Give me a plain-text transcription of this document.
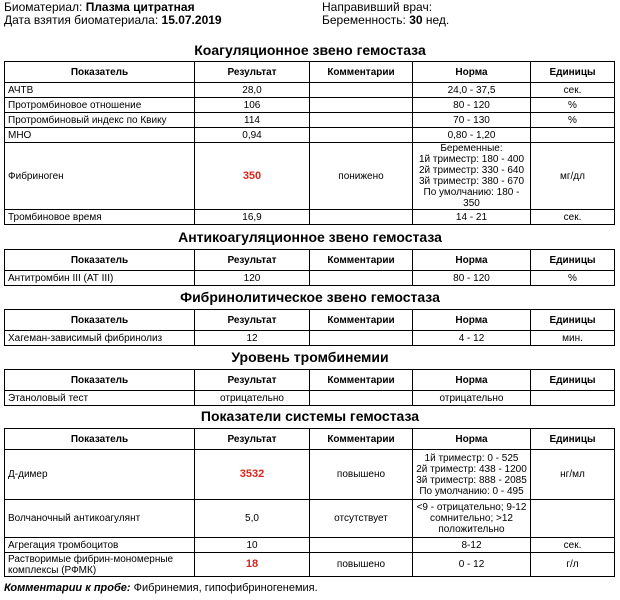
Биоматериал: Плазма цитратная
Дата взятия биоматериала: 15.07.2019
Направивший врач:
Беременность: 30 нед.
Коагуляционное звено гемостаза
Показатель	Результат	Комментарии	Норма	Единицы
АЧТВ	28,0		24,0 - 37,5	сек.
Протромбиновое отношение	106		80 - 120	%
Протромбиновый индекс по Квику	114		70 - 130	%
МНО	0,94		0,80 - 1,20	
Фибриноген	350	понижено	Беременные:
1й триместр: 180 - 400
2й триместр: 330 - 640
3й триместр: 380 - 670
По умолчанию: 180 - 350	мг/дл
Тромбиновое время	16,9		14 - 21	сек.
Антикоагуляционное звено гемостаза
Показатель	Результат	Комментарии	Норма	Единицы
Антитромбин III (АТ III)	120		80 - 120	%
Фибринолитическое звено гемостаза
Показатель	Результат	Комментарии	Норма	Единицы
Хагеман-зависимый фибринолиз	12		4 - 12	мин.
Уровень тромбинемии
Показатель	Результат	Комментарии	Норма	Единицы
Этаноловый тест	отрицательно		отрицательно	
Показатели системы гемостаза
Показатель	Результат	Комментарии	Норма	Единицы
Д-димер	3532	повышено	1й триместр: 0 - 525
2й триместр: 438 - 1200
3й триместр: 888 - 2085
По умолчанию: 0 - 495	нг/мл
Волчаночный антикоагулянт	5,0	отсутствует	<9 - отрицательно; 9-12
сомнительно; >12
положительно	

Агрегация тромбоцитов	10		8-12	сек.

Растворимые фибрин-мономерные
комплексы (РФМК)	18	повышено	0 - 12	г/л
Комментарии к пробе: Фибринемия, гипофибриногенемия.
